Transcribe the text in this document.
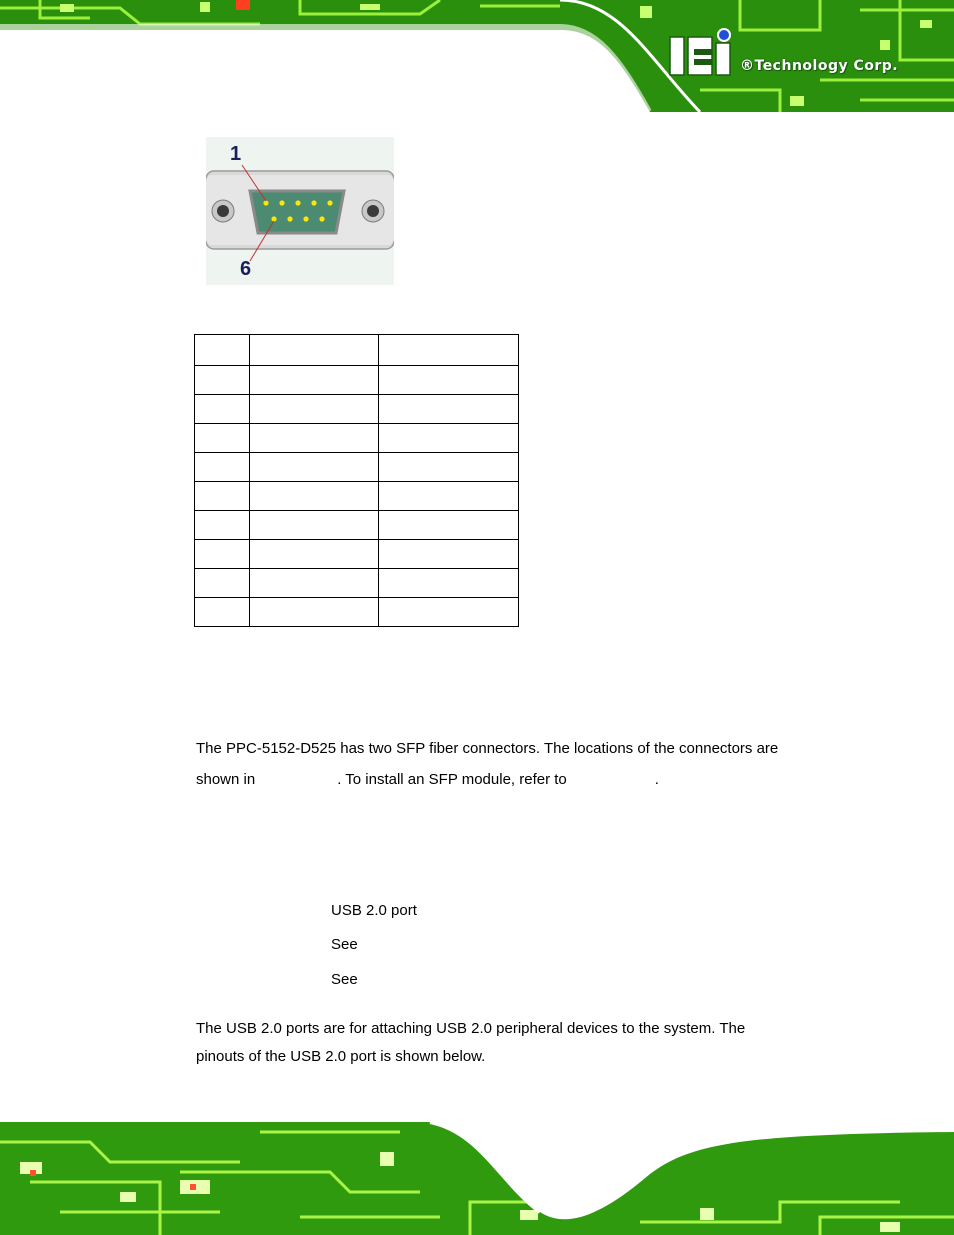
®Technology Corp.
1
6

The PPC-5152-D525 has two SFP fiber connectors. The locations of the connectors are
shown in	. To install an SFP module, refer to	.
USB 2.0 port
See
See
The USB 2.0 ports are for attaching USB 2.0 peripheral devices to the system. The
pinouts of the USB 2.0 port is shown below.
